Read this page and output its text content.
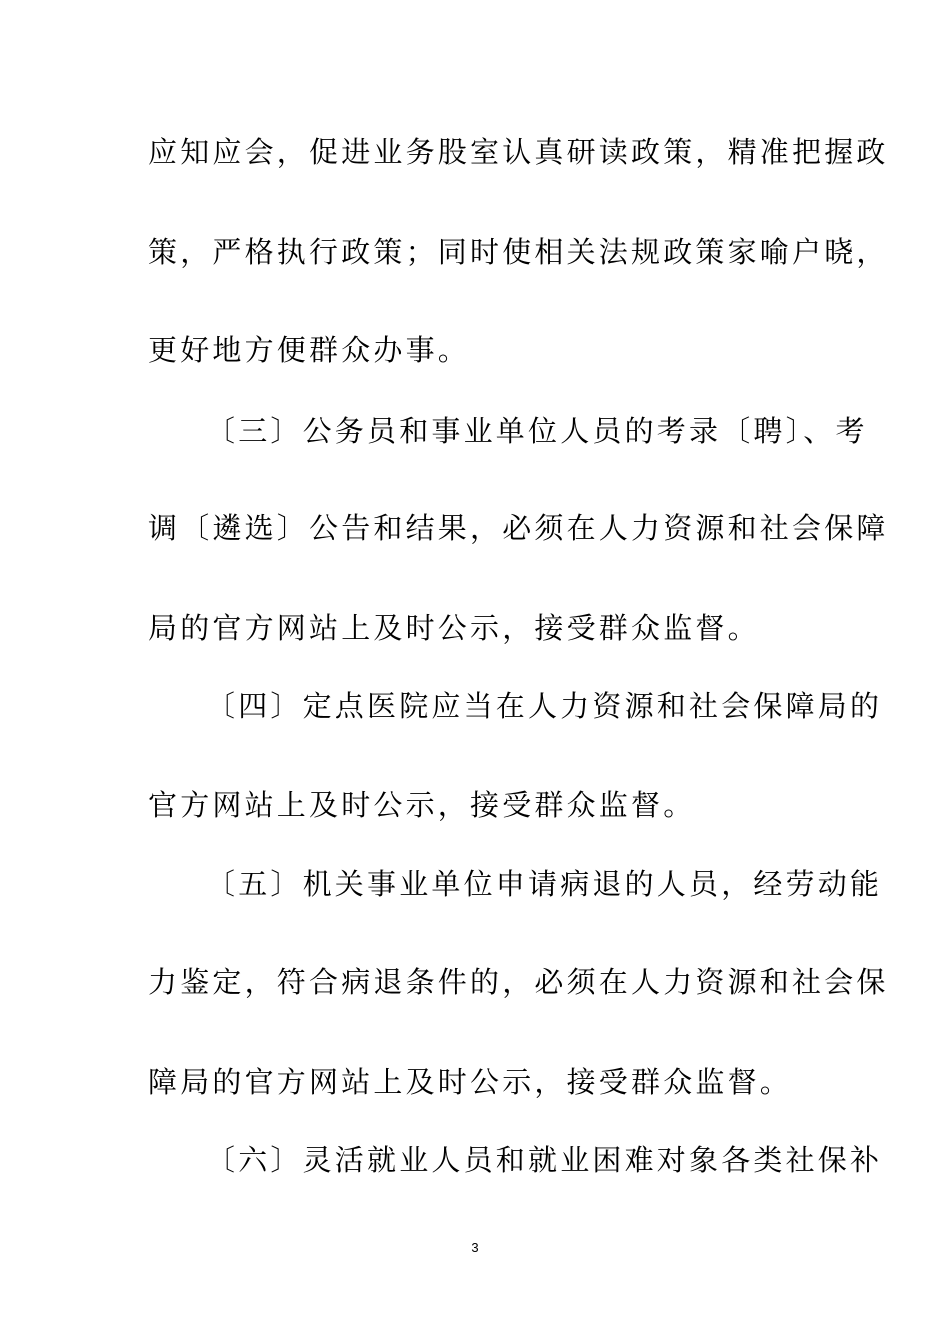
应知应会，促进业务股室认真研读政策，精准把握政
策，严格执行政策；同时使相关法规政策家喻户晓，
更好地方便群众办事。
〔三〕公务员和事业单位人员的考录〔聘〕、考
调〔遴选〕公告和结果，必须在人力资源和社会保障
局的官方网站上及时公示，接受群众监督。
〔四〕定点医院应当在人力资源和社会保障局的
官方网站上及时公示，接受群众监督。
〔五〕机关事业单位申请病退的人员，经劳动能
力鉴定，符合病退条件的，必须在人力资源和社会保
障局的官方网站上及时公示，接受群众监督。
〔六〕灵活就业人员和就业困难对象各类社保补
3
